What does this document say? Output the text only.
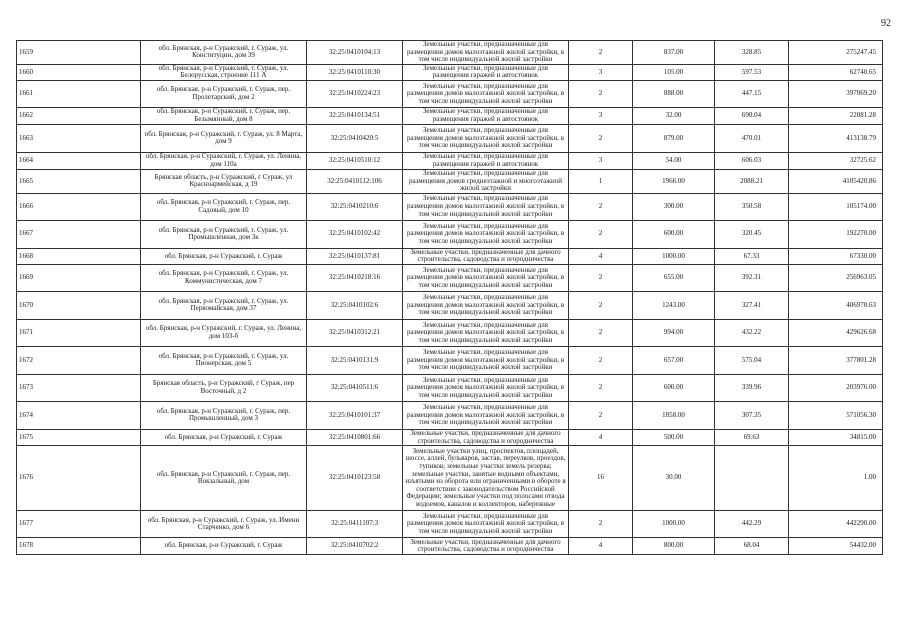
92
1659	обл. Брянская, р-н Суражский, г. Сураж, ул. Конституции, дом 39	32:25:0410104:13	Земельные участки, предназначенные для размещения домов малоэтажной жилой застройки, в том числе индивидуальной жилой застройки	2	837.00	328.85	275247.45
1660	обл. Брянская, р-н Суражский, г. Сураж, ул. Белорусская, строение 111 А	32:25:0410110:30	Земельные участки, предназначенные для размещения гаражей и автостоянок	3	105.00	597.53	62740.65
1661	обл. Брянская, р-н Суражский, г. Сураж, пер. Пролетарский, дом 2	32:25:0410224:23	Земельные участки, предназначенные для размещения домов малоэтажной жилой застройки, в том числе индивидуальной жилой застройки	2	888.00	447.15	397069.20
1662	обл. Брянская, р-н Суражский, г. Сураж, пер. Безымянный, дом 8	32:25:0410134:51	Земельные участки, предназначенные для размещения гаражей и автостоянок	3	32.00	690.04	22081.28
1663	обл. Брянская, р-н Суражский, г. Сураж, ул. 8 Марта, дом 9	32:25:0410420:5	Земельные участки, предназначенные для размещения домов малоэтажной жилой застройки, в том числе индивидуальной жилой застройки	2	879.00	470.01	413138.79
1664	обл. Брянская, р-н Суражский, г. Сураж, ул. Ленина, дом 110а	32:25:0410510:12	Земельные участки, предназначенные для размещения гаражей и автостоянок	3	54.00	606.03	32725.62
1665	Брянская область, р-н Суражский, г Сураж, ул Красноармейская, д 19	32:25:0410112:106	Земельные участки, предназначенные для размещения домов среднеэтажной и многоэтажной жилой застройки	1	1966.00	2088.21	4105420.86
1666	обл. Брянская, р-н Суражский, г. Сураж, пер. Садовый, дом 10	32:25:0410210:6	Земельные участки, предназначенные для размещения домов малоэтажной жилой застройки, в том числе индивидуальной жилой застройки	2	300.00	350.58	105174.00
1667	обл. Брянская, р-н Суражский, г. Сураж, ул. Промышленная, дом 3к	32:25:0410102:42	Земельные участки, предназначенные для размещения домов малоэтажной жилой застройки, в том числе индивидуальной жилой застройки	2	600.00	320.45	192270.00
1668	обл. Брянская, р-н Суражский, г. Сураж	32:25:0410137:81	Земельные участки, предназначенные для дачного строительства, садоводства и огородничества	4	1000.00	67.33	67330.00
1669	обл. Брянская, р-н Суражский, г. Сураж, ул. Коммунистическая, дом 7	32:25:0410218:16	Земельные участки, предназначенные для размещения домов малоэтажной жилой застройки, в том числе индивидуальной жилой застройки	2	655.00	392.31	256963.05
1670	обл. Брянская, р-н Суражский, г. Сураж, ул. Первомайская, дом 37	32:25:0410102:6	Земельные участки, предназначенные для размещения домов малоэтажной жилой застройки, в том числе индивидуальной жилой застройки	2	1243.00	327.41	406970.63
1671	обл. Брянская, р-н Суражский, г. Сураж, ул. Ленина, дом 103-б	32:25:0410312:21	Земельные участки, предназначенные для размещения домов малоэтажной жилой застройки, в том числе индивидуальной жилой застройки	2	994.00	432.22	429626.68
1672	обл. Брянская, р-н Суражский, г. Сураж, ул. Пионерская, дом 5	32:25:0410131:9	Земельные участки, предназначенные для размещения домов малоэтажной жилой застройки, в том числе индивидуальной жилой застройки	2	657.00	575.04	377801.28
1673	Брянская область, р-н Суражский, г Сураж, пер Восточный, д 2	32:25:0410511:6	Земельные участки, предназначенные для размещения домов малоэтажной жилой застройки, в том числе индивидуальной жилой застройки	2	600.00	339.96	203976.00
1674	обл. Брянская, р-н Суражский, г. Сураж, пер. Промышленный, дом 3	32:25:0410101:37	Земельные участки, предназначенные для размещения домов малоэтажной жилой застройки, в том числе индивидуальной жилой застройки	2	1858.00	307.35	571056.30
1675	обл. Брянская, р-н Суражский, г. Сураж	32:25:0410801:66	Земельные участки, предназначенные для дачного строительства, садоводства и огородничества	4	500.00	69.63	34815.00
1676	обл. Брянская, р-н Суражский, г. Сураж, пер. Вокзальный, дом	32:25:0410123:58	Земельные участки улиц, проспектов, площадей, шоссе, аллей, бульваров, застав, переулков, проездов, тупиков; земельные участки земель резерва; земельные участки, занятые водными объектами, изъятыми из оборота или ограниченными в обороте в соответствии с законодательством Российской Федерации; земельные участки под полосами отвода водоемов, каналов и коллекторов, набережные	16	30.00		1.00
1677	обл. Брянская, р-н Суражский, г. Сураж, ул. Имени Старченко, дом 6	32:25:0411107:3	Земельные участки, предназначенные для размещения домов малоэтажной жилой застройки, в том числе индивидуальной жилой застройки	2	1000.00	442.29	442290.00
1678	обл. Брянская, р-н Суражский, г. Сураж	32:25:0410702:2	Земельные участки, предназначенные для дачного строительства, садоводства и огородничества	4	800.00	68.04	54432.00
